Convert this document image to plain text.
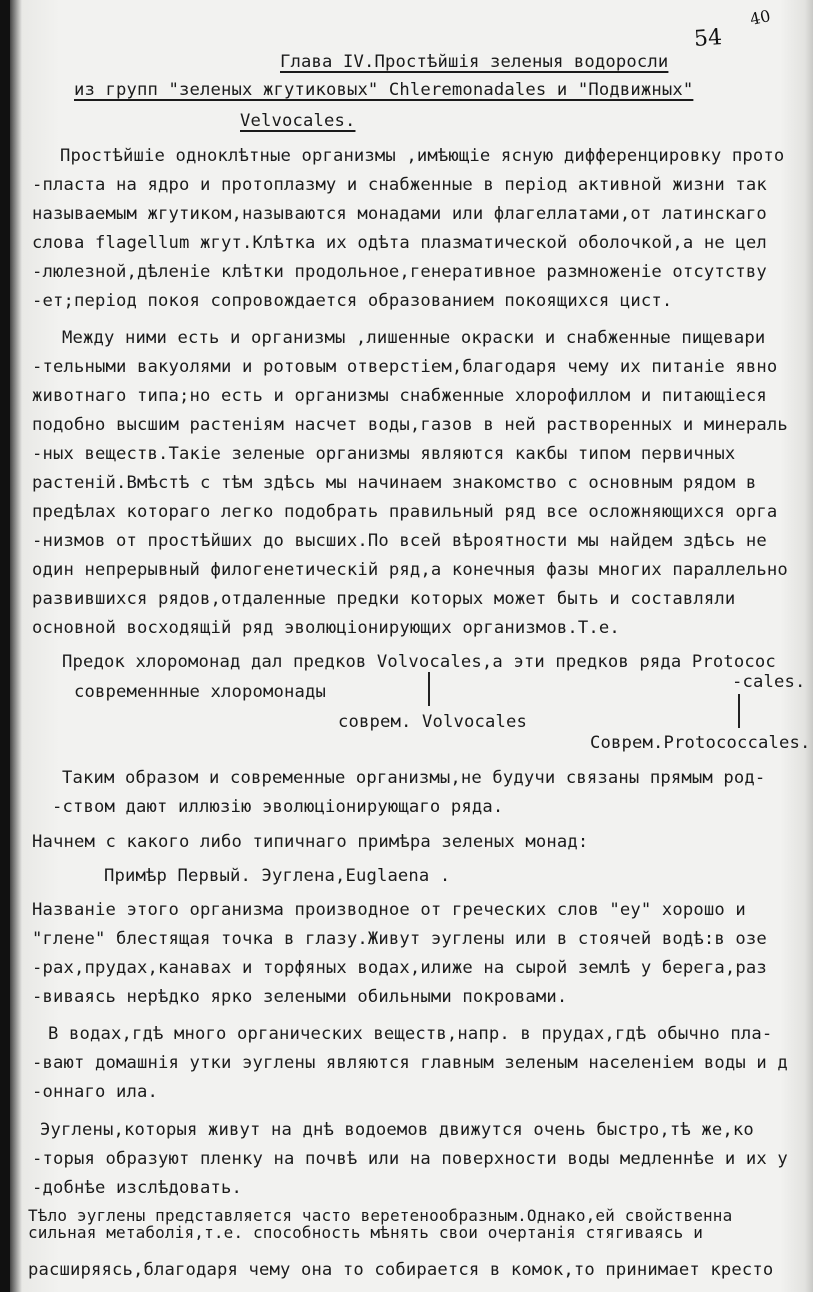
54
40
Глава IV.Простѣйшія зеленыя водоросли
из групп "зеленых жгутиковых" Chleremonadales и "Подвижных"
Velvocales.
Простѣйшіе одноклѣтные организмы ,имѣющіе ясную дифференцировку прото
-пласта на ядро и протоплазму и снабженные в період активной жизни так
называемым жгутиком,называются монадами или флагеллатами,от латинскаго
слова flagellum жгут.Клѣтка их одѣта плазматической оболочкой,а не цел
-люлезной,дѣленіе клѣтки продольное,генеративное размноженіе отсутству
-ет;період покоя сопровождается образованием покоящихся цист.
Между ними есть и организмы ,лишенные окраски и снабженные пищевари
-тельными вакуолями и ротовым отверстіем,благодаря чему их питаніе явно
животнаго типа;но есть и организмы снабженные хлорофиллом и питающіеся
подобно высшим растеніям насчет воды,газов в ней растворенных и минераль
-ных веществ.Такіе зеленые организмы являются какбы типом первичных
растеній.Вмѣстѣ с тѣм здѣсь мы начинаем знакомство с основным рядом в
предѣлах котораго легко подобрать правильный ряд все осложняющихся орга
-низмов от простѣйших до высших.По всей вѣроятности мы найдем здѣсь не
один непрерывный филогенетическій ряд,а конечныя фазы многих параллельно
развившихся рядов,отдаленные предки которых может быть и составляли
основной восходящій ряд эволюціонирующих организмов.Т.е.
Предок хлоромонад дал предков Volvocales,а эти предков ряда Protococ
-cales.
современнные хлоромонады
соврем. Volvocales
Соврем.Protococcales.
Таким образом и современные организмы,не будучи связаны прямым род-
-ством дают иллюзію эволюціонирующаго ряда.
Начнем с какого либо типичнаго примѣра зеленых монад:
Примѣр Первый. Эуглена,Euglaena .
Названіе этого организма производное от греческих слов "еу" хорошо и
"глене" блестящая точка в глазу.Живут эуглены или в стоячей водѣ:в озе
-рах,прудах,канавах и торфяных водах,илиже на сырой землѣ у берега,раз
-виваясь нерѣдко ярко зелеными обильными покровами.
В водах,гдѣ много органических веществ,напр. в прудах,гдѣ обычно пла-
-вают домашнія утки эуглены являются главным зеленым населеніем воды и д
-оннаго ила.
Эуглены,которыя живут на днѣ водоемов движутся очень быстро,тѣ же,ко
-торыя образуют пленку на почвѣ или на поверхности воды медленнѣе и их у
-добнѣе изслѣдовать.
Тѣло эуглены представляется часто веретенообразным.Однако,ей свойственна
сильная метаболія,т.е. способность мѣнять свои очертанія стягиваясь и
расширяясь,благодаря чему она то собирается в комок,то принимает кресто
